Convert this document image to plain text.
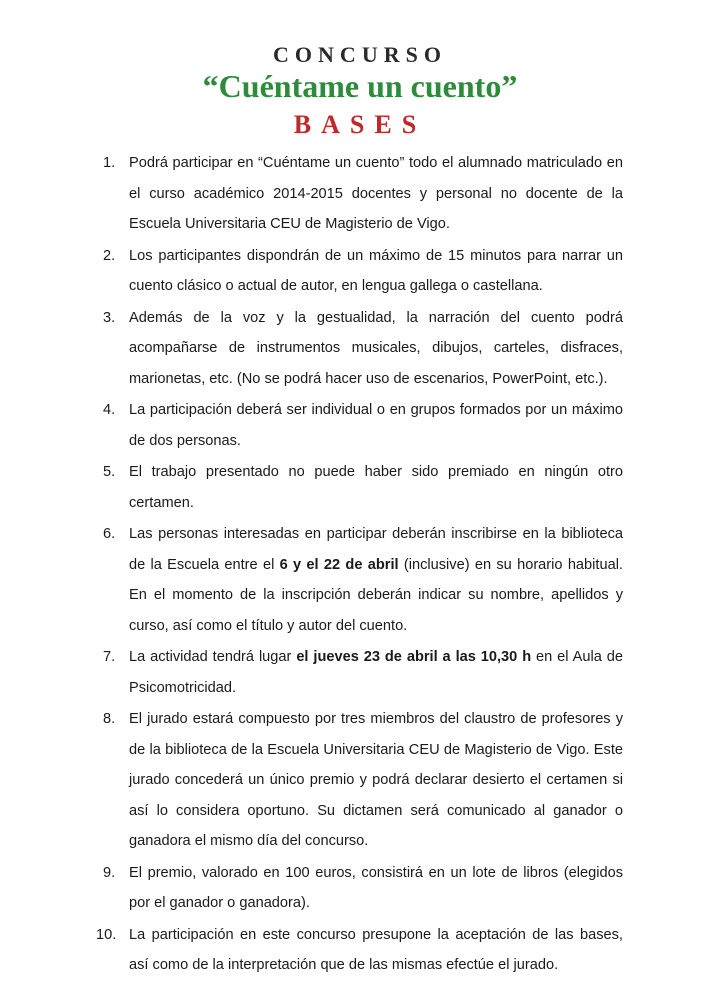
CONCURSO
“Cuéntame un cuento”
BASES
1. Podrá participar en “Cuéntame un cuento” todo el alumnado matriculado en el curso académico 2014-2015 docentes y personal no docente de la Escuela Universitaria CEU de Magisterio de Vigo.
2. Los participantes dispondrán de un máximo de 15 minutos para narrar un cuento clásico o actual de autor, en lengua gallega o castellana.
3. Además de la voz y la gestualidad, la narración del cuento podrá acompañarse de instrumentos musicales, dibujos, carteles, disfraces, marionetas, etc. (No se podrá hacer uso de escenarios, PowerPoint, etc.).
4. La participación deberá ser individual o en grupos formados por un máximo de dos personas.
5. El trabajo presentado no puede haber sido premiado en ningún otro certamen.
6. Las personas interesadas en participar deberán inscribirse en la biblioteca de la Escuela entre el 6 y el 22 de abril (inclusive) en su horario habitual. En el momento de la inscripción deberán indicar su nombre, apellidos y curso, así como el título y autor del cuento.
7. La actividad tendrá lugar el jueves 23 de abril a las 10,30 h en el Aula de Psicomotricidad.
8. El jurado estará compuesto por tres miembros del claustro de profesores y de la biblioteca de la Escuela Universitaria CEU de Magisterio de Vigo. Este jurado concederá un único premio y podrá declarar desierto el certamen si así lo considera oportuno. Su dictamen será comunicado al ganador o ganadora el mismo día del concurso.
9. El premio, valorado en 100 euros, consistirá en un lote de libros (elegidos por el ganador o ganadora).
10. La participación en este concurso presupone la aceptación de las bases, así como de la interpretación que de las mismas efectúe el jurado.
